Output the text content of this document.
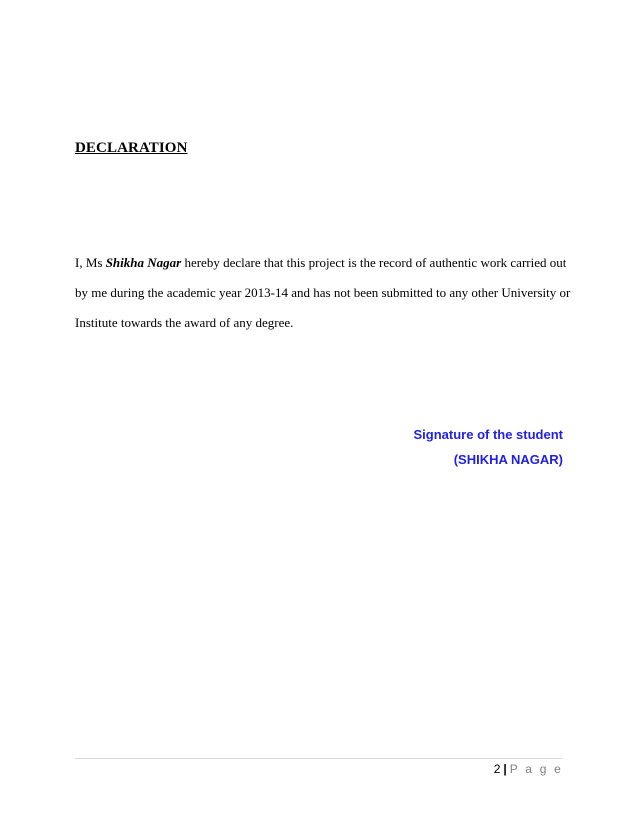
DECLARATION
I, Ms Shikha Nagar hereby declare that this project is the record of authentic work carried out
by me during the academic year 2013-14 and has not been submitted to any other University or
Institute towards the award of any degree.
Signature of the student
(SHIKHA NAGAR)
2 | P a g e
